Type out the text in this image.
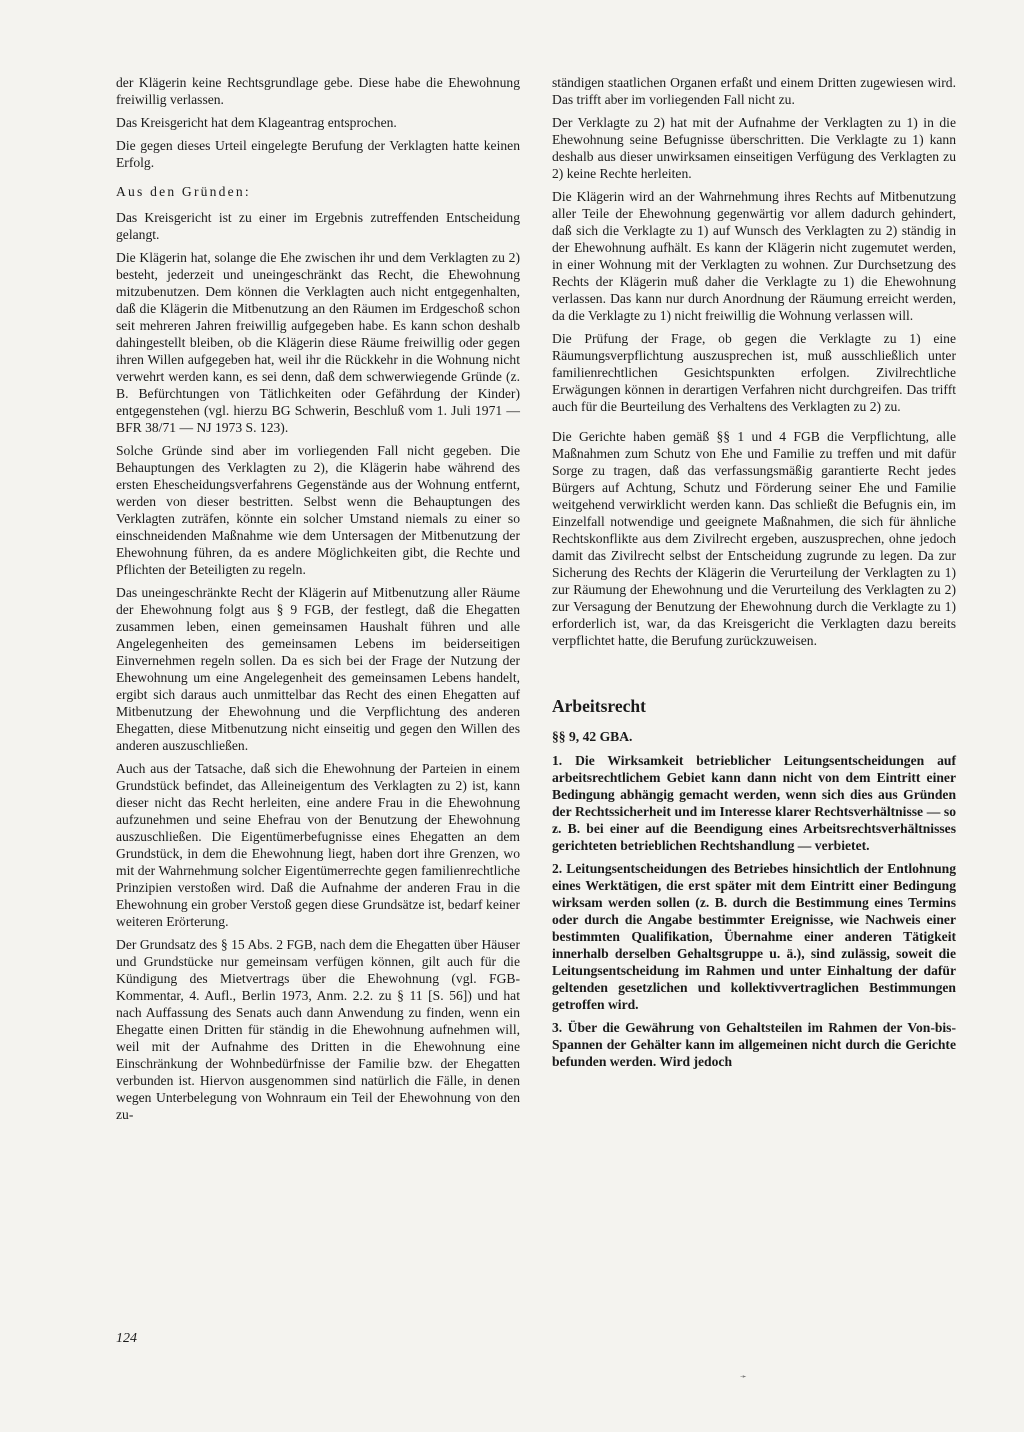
der Klägerin keine Rechtsgrundlage gebe. Diese habe die Ehewohnung freiwillig verlassen.

Das Kreisgericht hat dem Klageantrag entsprochen.

Die gegen dieses Urteil eingelegte Berufung der Verklagten hatte keinen Erfolg.

Aus den Gründen:

Das Kreisgericht ist zu einer im Ergebnis zutreffenden Entscheidung gelangt.

Die Klägerin hat, solange die Ehe zwischen ihr und dem Verklagten zu 2) besteht, jederzeit und uneingeschränkt das Recht, die Ehewohnung mitzubenutzen. Dem können die Verklagten auch nicht entgegenhalten, daß die Klägerin die Mitbenutzung an den Räumen im Erdgeschoß schon seit mehreren Jahren freiwillig aufgegeben habe. Es kann schon deshalb dahingestellt bleiben, ob die Klägerin diese Räume freiwillig oder gegen ihren Willen aufgegeben hat, weil ihr die Rückkehr in die Wohnung nicht verwehrt werden kann, es sei denn, daß dem schwerwiegende Gründe (z. B. Befürchtungen von Tätlichkeiten oder Gefährdung der Kinder) entgegenstehen (vgl. hierzu BG Schwerin, Beschluß vom 1. Juli 1971 — BFR 38/71 — NJ 1973 S. 123).

Solche Gründe sind aber im vorliegenden Fall nicht gegeben. Die Behauptungen des Verklagten zu 2), die Klägerin habe während des ersten Ehescheidungsverfahrens Gegenstände aus der Wohnung entfernt, werden von dieser bestritten. Selbst wenn die Behauptungen des Verklagten zuträfen, könnte ein solcher Umstand niemals zu einer so einschneidenden Maßnahme wie dem Untersagen der Mitbenutzung der Ehewohnung führen, da es andere Möglichkeiten gibt, die Rechte und Pflichten der Beteiligten zu regeln.

Das uneingeschränkte Recht der Klägerin auf Mitbenutzung aller Räume der Ehewohnung folgt aus § 9 FGB, der festlegt, daß die Ehegatten zusammen leben, einen gemeinsamen Haushalt führen und alle Angelegenheiten des gemeinsamen Lebens im beiderseitigen Einvernehmen regeln sollen. Da es sich bei der Frage der Nutzung der Ehewohnung um eine Angelegenheit des gemeinsamen Lebens handelt, ergibt sich daraus auch unmittelbar das Recht des einen Ehegatten auf Mitbenutzung der Ehewohnung und die Verpflichtung des anderen Ehegatten, diese Mitbenutzung nicht einseitig und gegen den Willen des anderen auszuschließen.

Auch aus der Tatsache, daß sich die Ehewohnung der Parteien in einem Grundstück befindet, das Alleineigentum des Verklagten zu 2) ist, kann dieser nicht das Recht herleiten, eine andere Frau in die Ehewohnung aufzunehmen und seine Ehefrau von der Benutzung der Ehewohnung auszuschließen. Die Eigentümerbefugnisse eines Ehegatten an dem Grundstück, in dem die Ehewohnung liegt, haben dort ihre Grenzen, wo mit der Wahrnehmung solcher Eigentümerrechte gegen familienrechtliche Prinzipien verstoßen wird. Daß die Aufnahme der anderen Frau in die Ehewohnung ein grober Verstoß gegen diese Grundsätze ist, bedarf keiner weiteren Erörterung.

Der Grundsatz des § 15 Abs. 2 FGB, nach dem die Ehegatten über Häuser und Grundstücke nur gemeinsam verfügen können, gilt auch für die Kündigung des Mietvertrags über die Ehewohnung (vgl. FGB-Kommentar, 4. Aufl., Berlin 1973, Anm. 2.2. zu § 11 [S. 56]) und hat nach Auffassung des Senats auch dann Anwendung zu finden, wenn ein Ehegatte einen Dritten für ständig in die Ehewohnung aufnehmen will, weil mit der Aufnahme des Dritten in die Ehewohnung eine Einschränkung der Wohnbedürfnisse der Familie bzw. der Ehegatten verbunden ist. Hiervon ausgenommen sind natürlich die Fälle, in denen wegen Unterbelegung von Wohnraum ein Teil der Ehewohnung von den zu-

ständigen staatlichen Organen erfaßt und einem Dritten zugewiesen wird. Das trifft aber im vorliegenden Fall nicht zu.

Der Verklagte zu 2) hat mit der Aufnahme der Verklagten zu 1) in die Ehewohnung seine Befugnisse überschritten. Die Verklagte zu 1) kann deshalb aus dieser unwirksamen einseitigen Verfügung des Verklagten zu 2) keine Rechte herleiten.

Die Klägerin wird an der Wahrnehmung ihres Rechts auf Mitbenutzung aller Teile der Ehewohnung gegenwärtig vor allem dadurch gehindert, daß sich die Verklagte zu 1) auf Wunsch des Verklagten zu 2) ständig in der Ehewohnung aufhält. Es kann der Klägerin nicht zugemutet werden, in einer Wohnung mit der Verklagten zu wohnen. Zur Durchsetzung des Rechts der Klägerin muß daher die Verklagte zu 1) die Ehewohnung verlassen. Das kann nur durch Anordnung der Räumung erreicht werden, da die Verklagte zu 1) nicht freiwillig die Wohnung verlassen will.

Die Prüfung der Frage, ob gegen die Verklagte zu 1) eine Räumungsverpflichtung auszusprechen ist, muß ausschließlich unter familienrechtlichen Gesichtspunkten erfolgen. Zivilrechtliche Erwägungen können in derartigen Verfahren nicht durchgreifen. Das trifft auch für die Beurteilung des Verhaltens des Verklagten zu 2) zu.

Die Gerichte haben gemäß §§ 1 und 4 FGB die Verpflichtung, alle Maßnahmen zum Schutz von Ehe und Familie zu treffen und mit dafür Sorge zu tragen, daß das verfassungsmäßig garantierte Recht jedes Bürgers auf Achtung, Schutz und Förderung seiner Ehe und Familie weitgehend verwirklicht werden kann. Das schließt die Befugnis ein, im Einzelfall notwendige und geeignete Maßnahmen, die sich für ähnliche Rechtskonflikte aus dem Zivilrecht ergeben, auszusprechen, ohne jedoch damit das Zivilrecht selbst der Entscheidung zugrunde zu legen. Da zur Sicherung des Rechts der Klägerin die Verurteilung der Verklagten zu 1) zur Räumung der Ehewohnung und die Verurteilung des Verklagten zu 2) zur Versagung der Benutzung der Ehewohnung durch die Verklagte zu 1) erforderlich ist, war, da das Kreisgericht die Verklagten dazu bereits verpflichtet hatte, die Berufung zurückzuweisen.

Arbeitsrecht

§§ 9, 42 GBA.

1. Die Wirksamkeit betrieblicher Leitungsentscheidungen auf arbeitsrechtlichem Gebiet kann dann nicht von dem Eintritt einer Bedingung abhängig gemacht werden, wenn sich dies aus Gründen der Rechtssicherheit und im Interesse klarer Rechtsverhältnisse — so z. B. bei einer auf die Beendigung eines Arbeitsrechtsverhältnisses gerichteten betrieblichen Rechtshandlung — verbietet.

2. Leitungsentscheidungen des Betriebes hinsichtlich der Entlohnung eines Werktätigen, die erst später mit dem Eintritt einer Bedingung wirksam werden sollen (z. B. durch die Bestimmung eines Termins oder durch die Angabe bestimmter Ereignisse, wie Nachweis einer bestimmten Qualifikation, Übernahme einer anderen Tätigkeit innerhalb derselben Gehaltsgruppe u. ä.), sind zulässig, soweit die Leitungsentscheidung im Rahmen und unter Einhaltung der dafür geltenden gesetzlichen und kollektivvertraglichen Bestimmungen getroffen wird.

3. Über die Gewährung von Gehaltsteilen im Rahmen der Von-bis-Spannen der Gehälter kann im allgemeinen nicht durch die Gerichte befunden werden. Wird jedoch

124
➛
